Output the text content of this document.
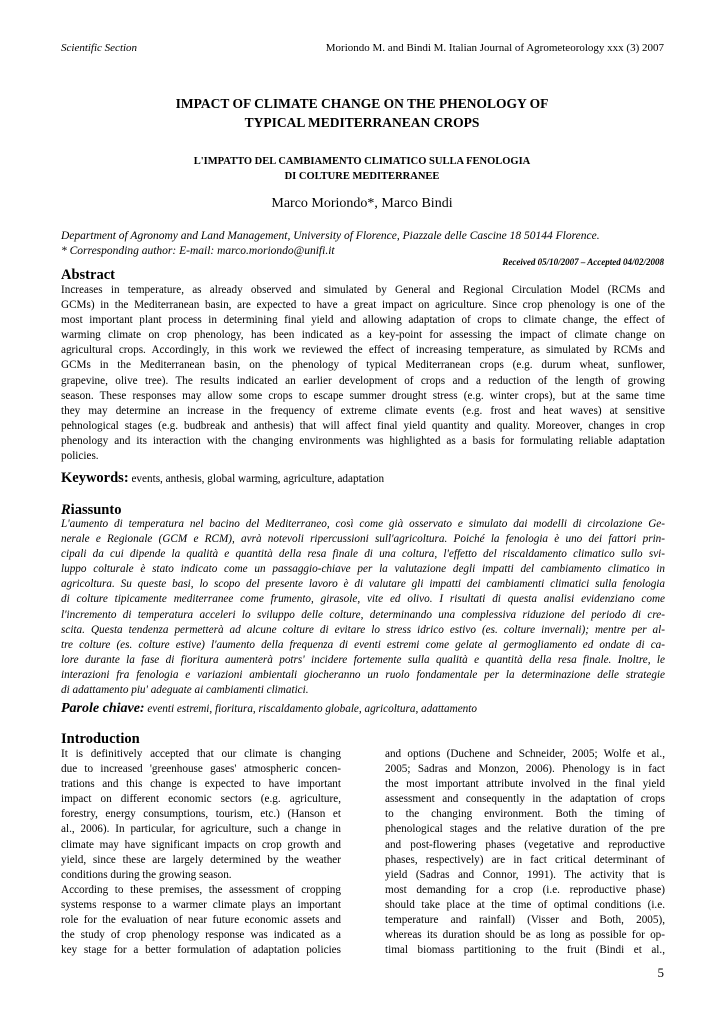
Scientific Section	Moriondo M. and Bindi M. Italian Journal of Agrometeorology xxx (3) 2007
IMPACT OF CLIMATE CHANGE ON THE PHENOLOGY OF
TYPICAL MEDITERRANEAN CROPS
L'IMPATTO DEL CAMBIAMENTO CLIMATICO SULLA FENOLOGIA
DI COLTURE MEDITERRANEE
Marco Moriondo*, Marco Bindi
Department of Agronomy and Land Management, University of Florence, Piazzale delle Cascine 18 50144 Florence.
* Corresponding author: E-mail: marco.moriondo@unifi.it
Received 05/10/2007 – Accepted 04/02/2008
Abstract
Increases in temperature, as already observed and simulated by General and Regional Circulation Model (RCMs and
GCMs) in the Mediterranean basin, are expected to have a great impact on agriculture. Since crop phenology is one of the
most important plant process in determining final yield and allowing adaptation of crops to climate change, the effect of
warming climate on crop phenology, has been indicated as a key-point for assessing the impact of climate change on
agricultural crops. Accordingly, in this work we reviewed the effect of increasing temperature, as simulated by RCMs and
GCMs in the Mediterranean basin, on the phenology of typical Mediterranean crops (e.g. durum wheat, sunflower,
grapevine, olive tree). The results indicated an earlier development of crops and a reduction of the length of growing
season. These responses may allow some crops to escape summer drought stress (e.g. winter crops), but at the same time
they may determine an increase in the frequency of extreme climate events (e.g. frost and heat waves) at sensitive
pehnological stages (e.g. budbreak and anthesis) that will affect final yield quantity and quality. Moreover, changes in crop
phenology and its interaction with the changing environments was highlighted as a basis for formulating reliable adaptation
policies.
Keywords: events, anthesis, global warming, agriculture, adaptation
Riassunto
L'aumento di temperatura nel bacino del Mediterraneo, così come già osservato e simulato dai modelli di circolazione Ge-
nerale e Regionale (GCM e RCM), avrà notevoli ripercussioni sull'agricoltura. Poiché la fenologia è uno dei fattori prin-
cipali da cui dipende la qualità e quantità della resa finale di una coltura, l'effetto del riscaldamento climatico sullo svi-
luppo colturale è stato indicato come un passaggio-chiave per la valutazione degli impatti del cambiamento climatico in
agricoltura. Su queste basi, lo scopo del presente lavoro è di valutare gli impatti dei cambiamenti climatici sulla fenologia
di colture tipicamente mediterranee come frumento, girasole, vite ed olivo. I risultati di questa analisi evidenziano come
l'incremento di temperatura acceleri lo sviluppo delle colture, determinando una complessiva riduzione del periodo di cre-
scita. Questa tendenza permetterà ad alcune colture di evitare lo stress idrico estivo (es. colture invernali); mentre per al-
tre colture (es. colture estive) l'aumento della frequenza di eventi estremi come gelate al germogliamento ed ondate di ca-
lore durante la fase di fioritura aumenterà potrs' incidere fortemente sulla qualità e quantità della resa finale. Inoltre, le
interazioni fra fenologia e variazioni ambientali giocheranno un ruolo fondamentale per la determinazione delle strategie
di adattamento piu' adeguate ai cambiamenti climatici.
Parole chiave: eventi estremi, fioritura, riscaldamento globale, agricoltura, adattamento
Introduction
It is definitively accepted that our climate is changing
due to increased 'greenhouse gases' atmospheric concen-
trations and this change is expected to have important
impact on different economic sectors (e.g. agriculture,
forestry, energy consumptions, tourism, etc.) (Hanson et
al., 2006). In particular, for agriculture, such a change in
climate may have significant impacts on crop growth and
yield, since these are largely determined by the weather
conditions during the growing season.
According to these premises, the assessment of cropping
systems response to a warmer climate plays an important
role for the evaluation of near future economic assets and
the study of crop phenology response was indicated as a
key stage for a better formulation of adaptation policies
and options (Duchene and Schneider, 2005; Wolfe et al.,
2005; Sadras and Monzon, 2006). Phenology is in fact
the most important attribute involved in the final yield
assessment and consequently in the adaptation of crops
to the changing environment. Both the timing of
phenological stages and the relative duration of the pre
and post-flowering phases (vegetative and reproductive
phases, respectively) are in fact critical determinant of
yield (Sadras and Connor, 1991). The activity that is
most demanding for a crop (i.e. reproductive phase)
should take place at the time of optimal conditions (i.e.
temperature and rainfall) (Visser and Both, 2005),
whereas its duration should be as long as possible for op-
timal biomass partitioning to the fruit (Bindi et al.,
5
